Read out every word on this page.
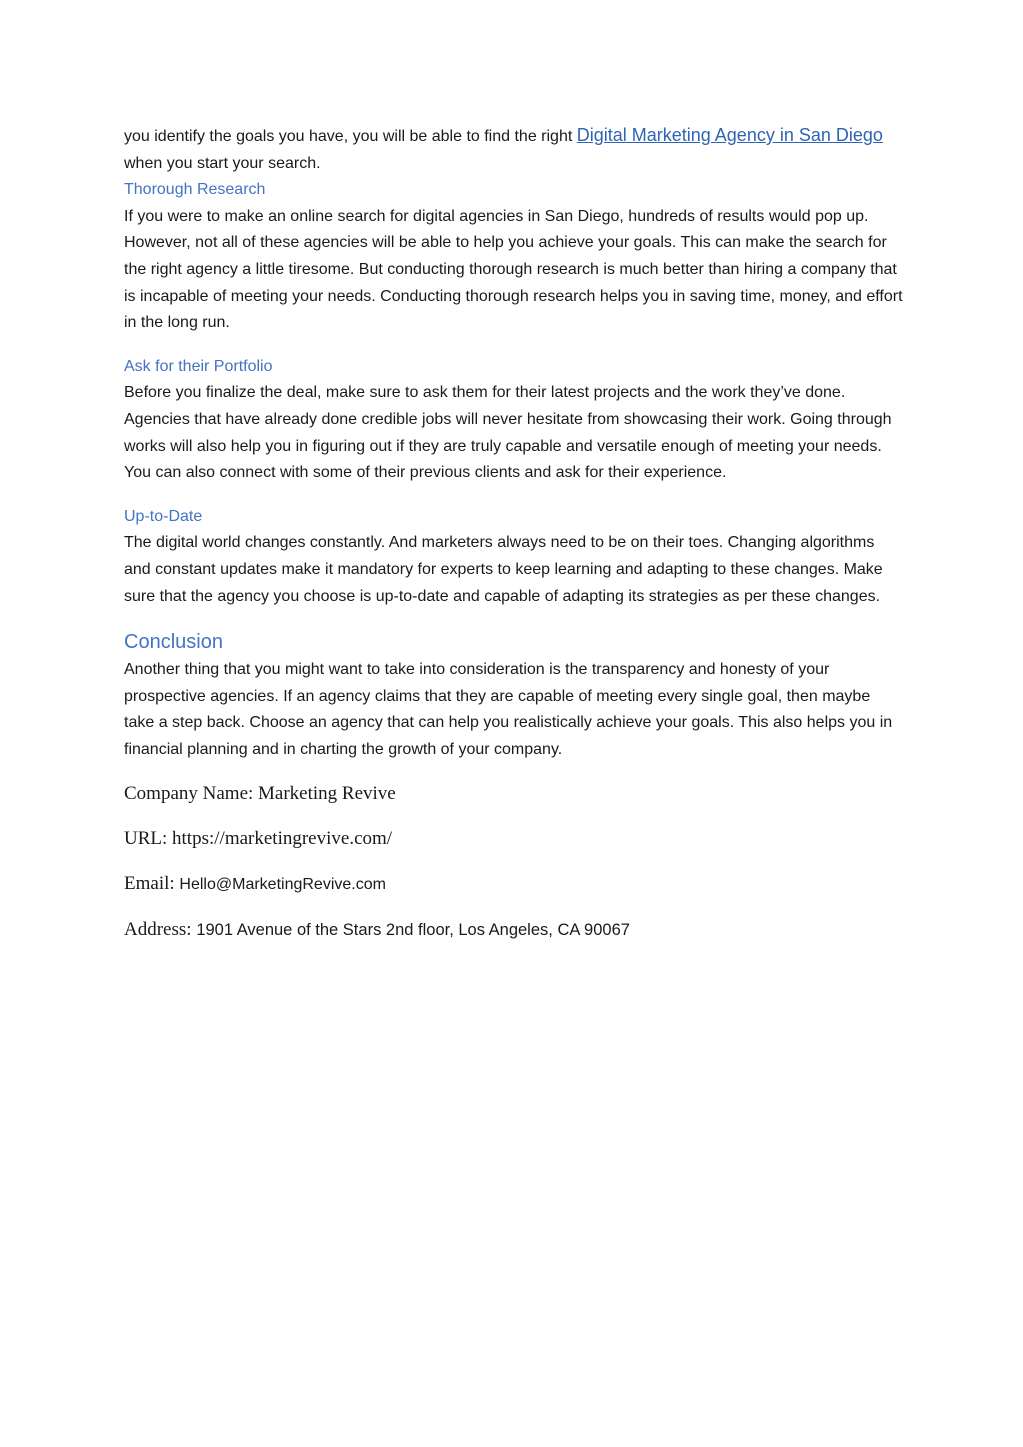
you identify the goals you have, you will be able to find the right Digital Marketing Agency in San Diego when you start your search.

Thorough Research

If you were to make an online search for digital agencies in San Diego, hundreds of results would pop up. However, not all of these agencies will be able to help you achieve your goals. This can make the search for the right agency a little tiresome. But conducting thorough research is much better than hiring a company that is incapable of meeting your needs. Conducting thorough research helps you in saving time, money, and effort in the long run.

Ask for their Portfolio

Before you finalize the deal, make sure to ask them for their latest projects and the work they’ve done. Agencies that have already done credible jobs will never hesitate from showcasing their work. Going through works will also help you in figuring out if they are truly capable and versatile enough of meeting your needs. You can also connect with some of their previous clients and ask for their experience.

Up-to-Date

The digital world changes constantly. And marketers always need to be on their toes. Changing algorithms and constant updates make it mandatory for experts to keep learning and adapting to these changes. Make sure that the agency you choose is up-to-date and capable of adapting its strategies as per these changes.

Conclusion

Another thing that you might want to take into consideration is the transparency and honesty of your prospective agencies. If an agency claims that they are capable of meeting every single goal, then maybe take a step back. Choose an agency that can help you realistically achieve your goals. This also helps you in financial planning and in charting the growth of your company.

Company Name: Marketing Revive

URL: https://marketingrevive.com/

Email: Hello@MarketingRevive.com

Address: 1901 Avenue of the Stars 2nd floor, Los Angeles, CA 90067
